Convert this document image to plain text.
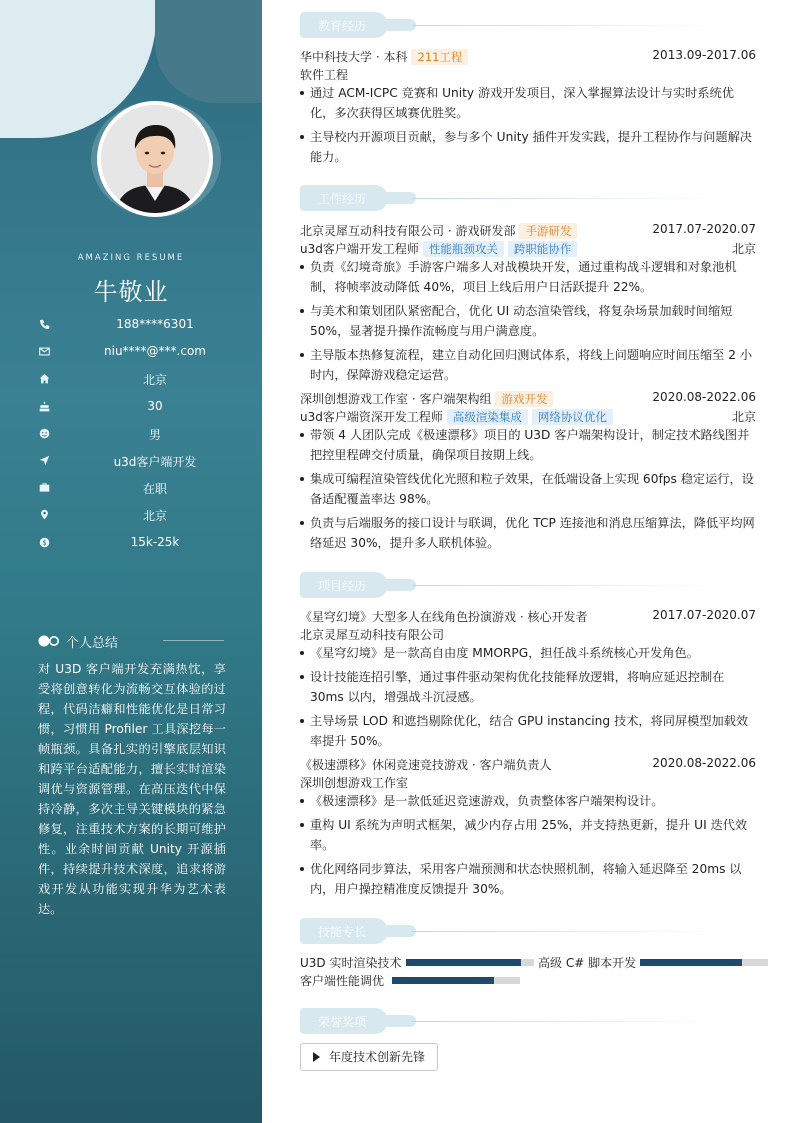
AMAZING RESUME
牛敬业
188****6301
niu****@***.com
北京
30
男
u3d客户端开发
在职
北京
$	15k-25k
个人总结
对 U3D 客户端开发充满热忱，享受将创意转化为流畅交互体验的过程，代码洁癖和性能优化是日常习惯，习惯用 Profiler 工具深挖每一帧瓶颈。具备扎实的引擎底层知识和跨平台适配能力，擅长实时渲染调优与资源管理。在高压迭代中保持冷静，多次主导关键模块的紧急修复，注重技术方案的长期可维护性。业余时间贡献 Unity 开源插件，持续提升技术深度，追求将游戏开发从功能实现升华为艺术表达。
教育经历
华中科技大学 · 本科 211工程	2013.09-2017.06
软件工程
通过 ACM-ICPC 竞赛和 Unity 游戏开发项目，深入掌握算法设计与实时系统优化，多次获得区域赛优胜奖。
主导校内开源项目贡献，参与多个 Unity 插件开发实践，提升工程协作与问题解决能力。
工作经历
北京灵犀互动科技有限公司 · 游戏研发部 手游研发	2017.07-2020.07
u3d客户端开发工程师 性能瓶颈攻关 跨职能协作	北京
负责《幻境奇旅》手游客户端多人对战模块开发，通过重构战斗逻辑和对象池机制，将帧率波动降低 40%，项目上线后用户日活跃提升 22%。
与美术和策划团队紧密配合，优化 UI 动态渲染管线，将复杂场景加载时间缩短 50%，显著提升操作流畅度与用户满意度。
主导版本热修复流程，建立自动化回归测试体系，将线上问题响应时间压缩至 2 小时内，保障游戏稳定运营。
深圳创想游戏工作室 · 客户端架构组 游戏开发	2020.08-2022.06
u3d客户端资深开发工程师 高级渲染集成 网络协议优化	北京
带领 4 人团队完成《极速漂移》项目的 U3D 客户端架构设计，制定技术路线图并把控里程碑交付质量，确保项目按期上线。
集成可编程渲染管线优化光照和粒子效果，在低端设备上实现 60fps 稳定运行，设备适配覆盖率达 98%。
负责与后端服务的接口设计与联调，优化 TCP 连接池和消息压缩算法，降低平均网络延迟 30%，提升多人联机体验。
项目经历
《星穹幻境》大型多人在线角色扮演游戏 · 核心开发者	2017.07-2020.07
北京灵犀互动科技有限公司
《星穹幻境》是一款高自由度 MMORPG，担任战斗系统核心开发角色。
设计技能连招引擎，通过事件驱动架构优化技能释放逻辑，将响应延迟控制在 30ms 以内，增强战斗沉浸感。
主导场景 LOD 和遮挡剔除优化，结合 GPU instancing 技术，将同屏模型加载效率提升 50%。
《极速漂移》休闲竞速竞技游戏 · 客户端负责人	2020.08-2022.06
深圳创想游戏工作室
《极速漂移》是一款低延迟竞速游戏，负责整体客户端架构设计。
重构 UI 系统为声明式框架，减少内存占用 25%，并支持热更新，提升 UI 迭代效率。
优化网络同步算法，采用客户端预测和状态快照机制，将输入延迟降至 20ms 以内，用户操控精准度反馈提升 30%。
技能专长
U3D 实时渲染技术	高级 C# 脚本开发
客户端性能调优
荣誉奖项
年度技术创新先锋
